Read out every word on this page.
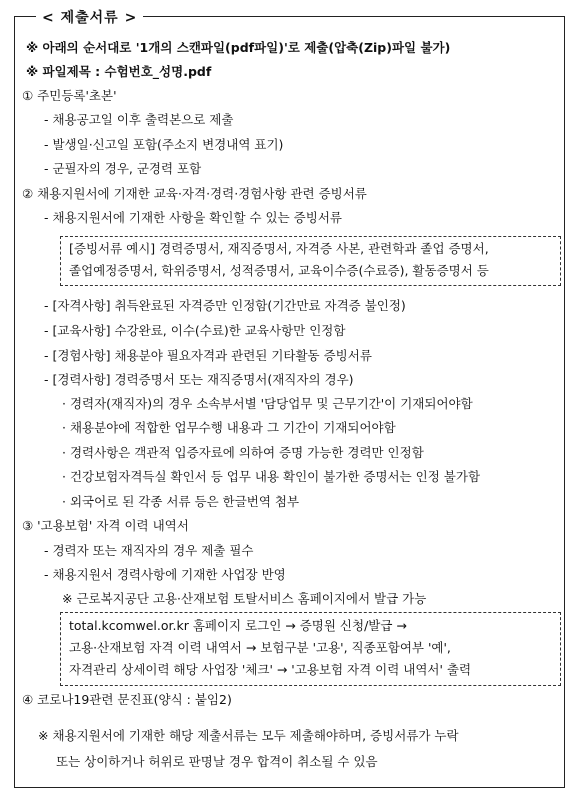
< 제출서류 >
※ 아래의 순서대로 '1개의 스캔파일(pdf파일)'로 제출(압축(Zip)파일 불가)
※ 파일제목 : 수험번호_성명.pdf
① 주민등록'초본'
- 채용공고일 이후 출력본으로 제출
- 발생일·신고일 포함(주소지 변경내역 표기)
- 군필자의 경우, 군경력 포함
② 채용지원서에 기재한 교육·자격·경력·경험사항 관련 증빙서류
- 채용지원서에 기재한 사항을 확인할 수 있는 증빙서류
[증빙서류 예시] 경력증명서, 재직증명서, 자격증 사본, 관련학과 졸업 증명서,
졸업예정증명서, 학위증명서, 성적증명서, 교육이수증(수료증), 활동증명서 등
- [자격사항] 취득완료된 자격증만 인정함(기간만료 자격증 불인정)
- [교육사항] 수강완료, 이수(수료)한 교육사항만 인정함
- [경험사항] 채용분야 필요자격과 관련된 기타활동 증빙서류
- [경력사항] 경력증명서 또는 재직증명서(재직자의 경우)
· 경력자(재직자)의 경우 소속부서별 '담당업무 및 근무기간'이 기재되어야함
· 채용분야에 적합한 업무수행 내용과 그 기간이 기재되어야함
· 경력사항은 객관적 입증자료에 의하여 증명 가능한 경력만 인정함
· 건강보험자격득실 확인서 등 업무 내용 확인이 불가한 증명서는 인정 불가함
· 외국어로 된 각종 서류 등은 한글번역 첨부
③ '고용보험' 자격 이력 내역서
- 경력자 또는 재직자의 경우 제출 필수
- 채용지원서 경력사항에 기재한 사업장 반영
※ 근로복지공단 고용·산재보험 토탈서비스 홈페이지에서 발급 가능
total.kcomwel.or.kr 홈페이지 로그인 → 증명원 신청/발급 →
고용·산재보험 자격 이력 내역서 → 보험구분 '고용', 직종포함여부 '예',
자격관리 상세이력 해당 사업장 '체크' → '고용보험 자격 이력 내역서' 출력
④ 코로나19관련 문진표(양식 : 붙임2)
※ 채용지원서에 기재한 해당 제출서류는 모두 제출해야하며, 증빙서류가 누락
또는 상이하거나 허위로 판명날 경우 합격이 취소될 수 있음
